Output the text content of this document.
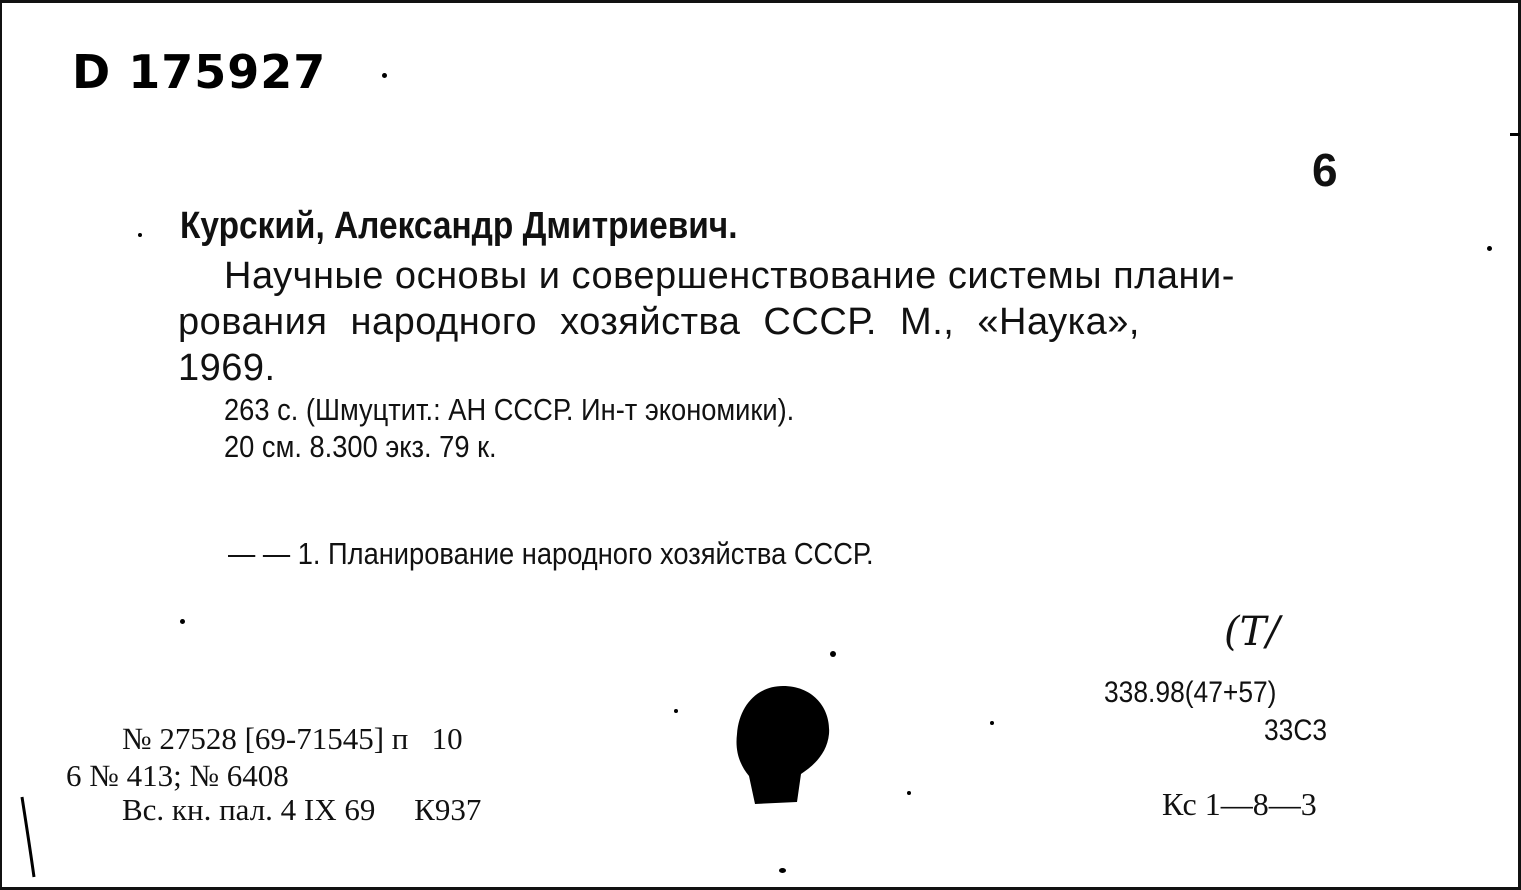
D 175927
6
Курский, Александр Дмитриевич.
Научные основы и совершенствование системы плани-
рования народного хозяйства СССР. М., «Наука»,
1969.
263 с. (Шмуцтит.: АН СССР. Ин-т экономики).
20 см. 8.300 экз. 79 к.
— — 1. Планирование народного хозяйства СССР.
(Т/
338.98(47+57)
33С3
№ 27528 [69-71545] п   10
6 № 413; № 6408
Вс. кн. пал. 4 IX 69     К937	Кс 1—8—3
